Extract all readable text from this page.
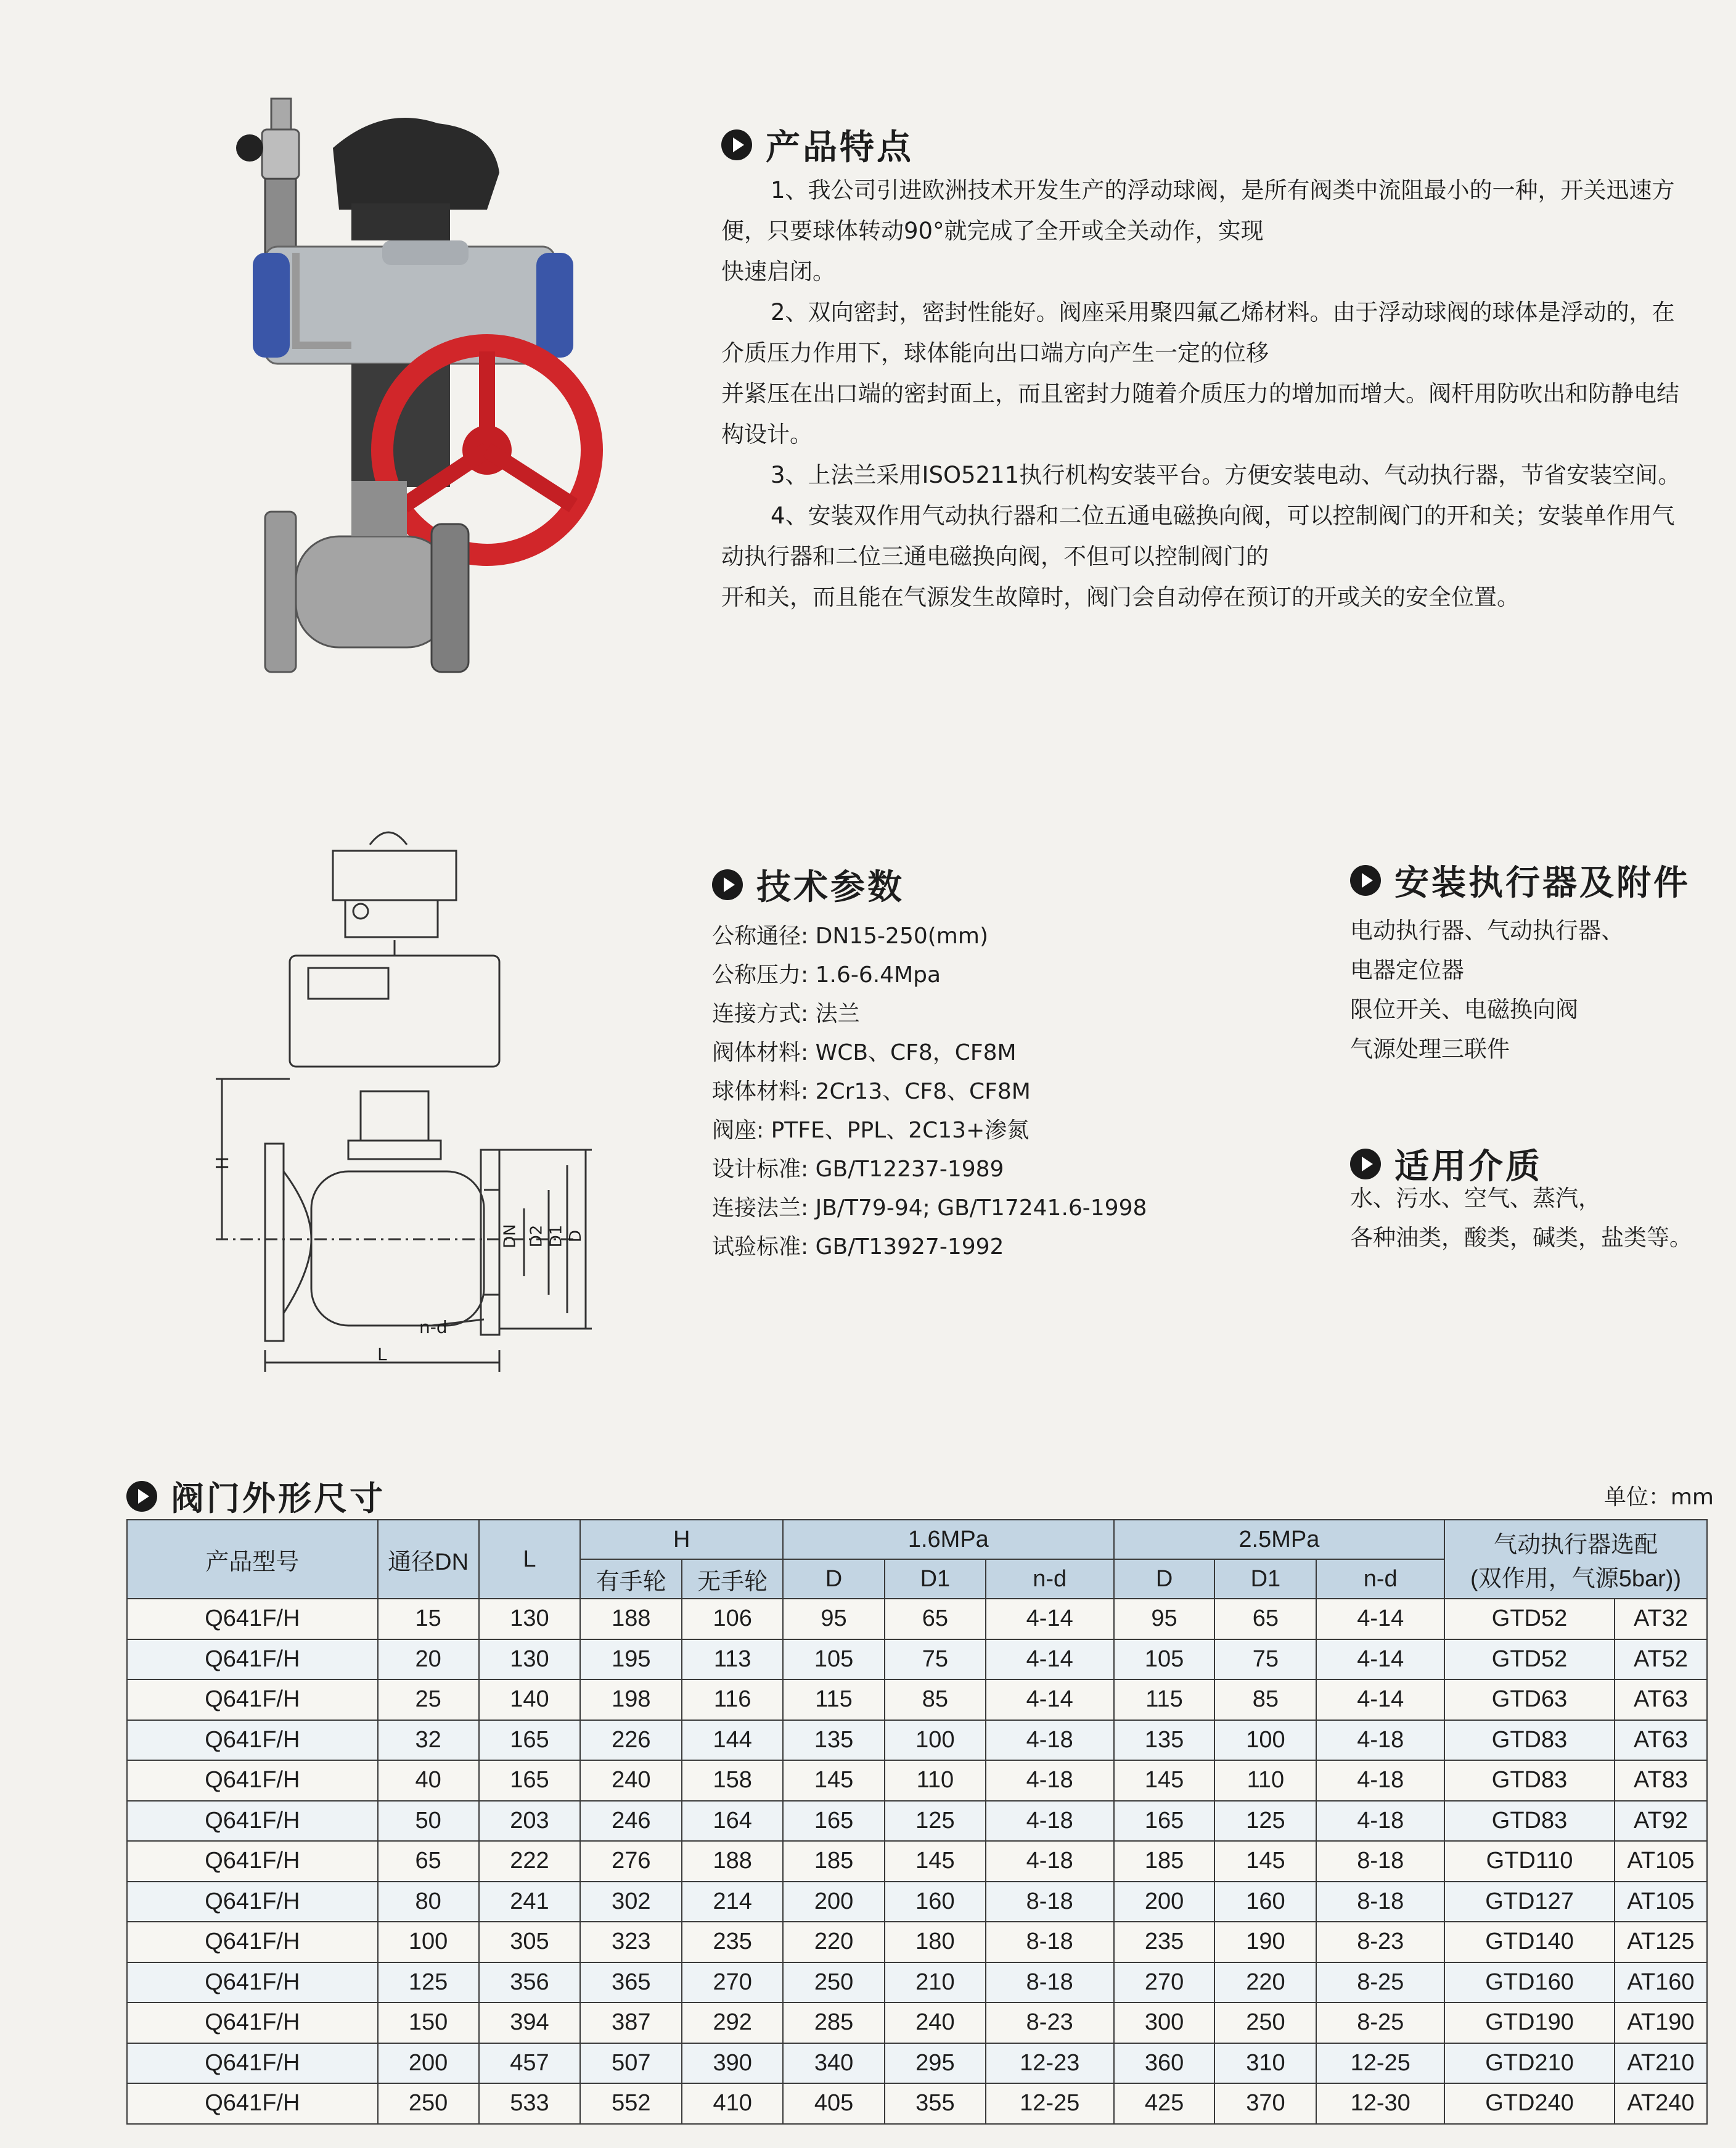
产品特点

1、我公司引进欧洲技术开发生产的浮动球阀，是所有阀类中流阻最小的一种，开关迅速方

便，只要球体转动90°就完成了全开或全关动作，实现

快速启闭。

2、双向密封，密封性能好。阀座采用聚四氟乙烯材料。由于浮动球阀的球体是浮动的，在

介质压力作用下，球体能向出口端方向产生一定的位移

并紧压在出口端的密封面上，而且密封力随着介质压力的增加而增大。阀杆用防吹出和防静电结

构设计。

3、上法兰采用ISO5211执行机构安装平台。方便安装电动、气动执行器，节省安装空间。

4、安装双作用气动执行器和二位五通电磁换向阀，可以控制阀门的开和关；安装单作用气

动执行器和二位三通电磁换向阀，不但可以控制阀门的

开和关，而且能在气源发生故障时，阀门会自动停在预订的开或关的安全位置。

H
DN D2 D1 D
n-d
L
技术参数
公称通径: DN15-250(mm)
公称压力: 1.6-6.4Mpa
连接方式: 法兰
阀体材料: WCB、CF8，CF8M
球体材料: 2Cr13、CF8、CF8M
阀座: PTFE、PPL、2C13+渗氮
设计标准: GB/T12237-1989
连接法兰: JB/T79-94; GB/T17241.6-1998
试验标准: GB/T13927-1992
安装执行器及附件
电动执行器、气动执行器、
电器定位器
限位开关、电磁换向阀
气源处理三联件
适用介质
水、污水、空气、蒸汽，
各种油类，酸类，碱类，盐类等。
阀门外形尺寸	单位：mm
产品型号	通径DN	L	H		1.6MPa			2.5MPa			气动执行器选配
(双作用，气源5bar))	

			有手轮	无手轮	D	D1	n-d	D	D1	n-d		
Q641F/H	15	130	188	106	95	65	4-14	95	65	4-14	GTD52	AT32
Q641F/H	20	130	195	113	105	75	4-14	105	75	4-14	GTD52	AT52
Q641F/H	25	140	198	116	115	85	4-14	115	85	4-14	GTD63	AT63
Q641F/H	32	165	226	144	135	100	4-18	135	100	4-18	GTD83	AT63
Q641F/H	40	165	240	158	145	110	4-18	145	110	4-18	GTD83	AT83
Q641F/H	50	203	246	164	165	125	4-18	165	125	4-18	GTD83	AT92
Q641F/H	65	222	276	188	185	145	4-18	185	145	8-18	GTD110	AT105
Q641F/H	80	241	302	214	200	160	8-18	200	160	8-18	GTD127	AT105
Q641F/H	100	305	323	235	220	180	8-18	235	190	8-23	GTD140	AT125
Q641F/H	125	356	365	270	250	210	8-18	270	220	8-25	GTD160	AT160
Q641F/H	150	394	387	292	285	240	8-23	300	250	8-25	GTD190	AT190
Q641F/H	200	457	507	390	340	295	12-23	360	310	12-25	GTD210	AT210
Q641F/H	250	533	552	410	405	355	12-25	425	370	12-30	GTD240	AT240
